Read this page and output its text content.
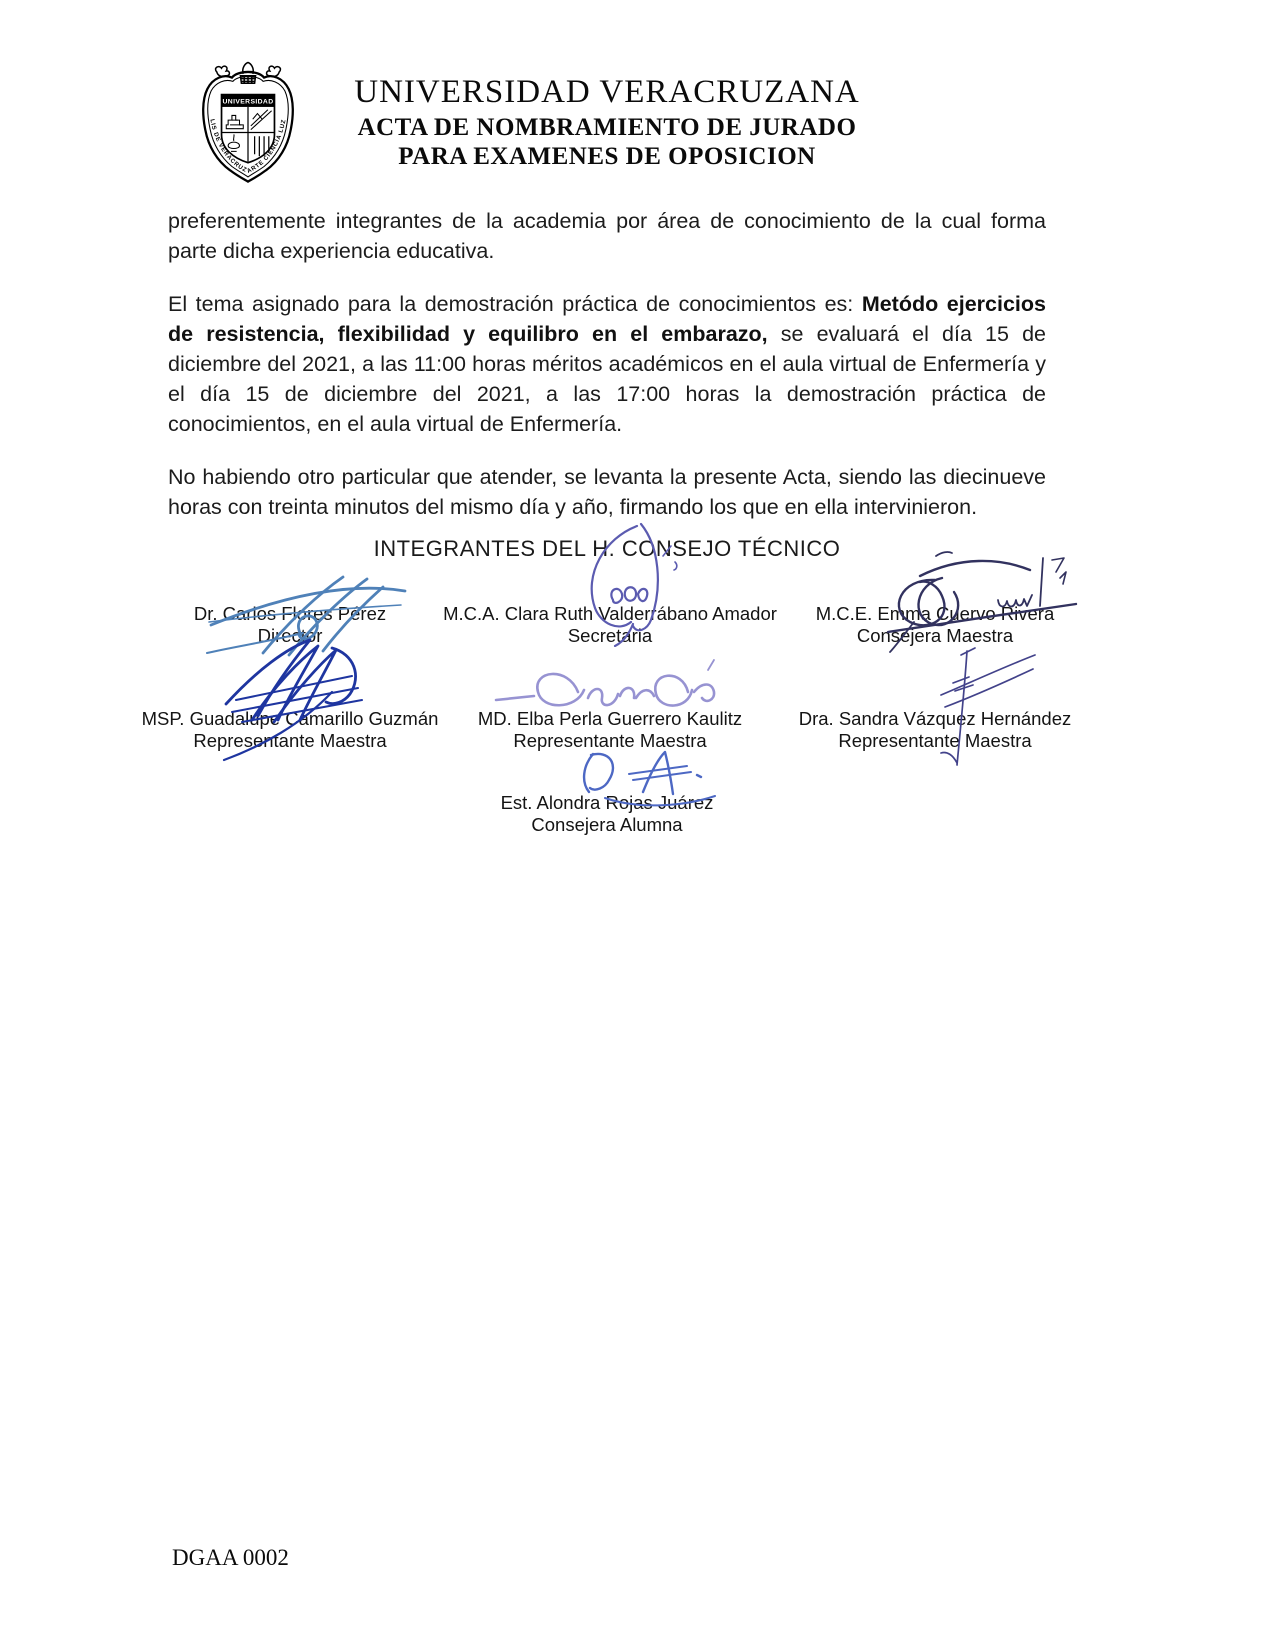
UNIVERSIDAD
LIS DE VERACRUZ ARTE CIENCIA LUZ
UNIVERSIDAD VERACRUZANA
ACTA DE NOMBRAMIENTO DE JURADO
PARA EXAMENES DE OPOSICION

preferentemente integrantes de la academia por área de conocimiento de la cual forma parte dicha experiencia educativa.

El tema asignado para la demostración práctica de conocimientos es: Metódo ejercicios de resistencia, flexibilidad y equilibro en el embarazo, se evaluará el día 15 de diciembre del 2021, a las 11:00 horas méritos académicos en el aula virtual de Enfermería y el día 15 de diciembre del 2021, a las 17:00 horas la demostración práctica de conocimientos, en el aula virtual de Enfermería.

No habiendo otro particular que atender, se levanta la presente Acta, siendo las diecinueve horas con treinta minutos del mismo día y año, firmando los que en ella intervinieron.

INTEGRANTES DEL H. CONSEJO TÉCNICO
Dr. Carlos Flores Pérez
Director
M.C.A. Clara Ruth Valderrábano Amador
Secretaria
M.C.E. Emma Cuervo Rivera
Consejera Maestra
MSP. Guadalupe Camarillo Guzmán
Representante Maestra
MD. Elba Perla Guerrero Kaulitz
Representante Maestra
Dra. Sandra Vázquez Hernández
Representante Maestra
Est. Alondra Rojas Juárez
Consejera Alumna
DGAA 0002
